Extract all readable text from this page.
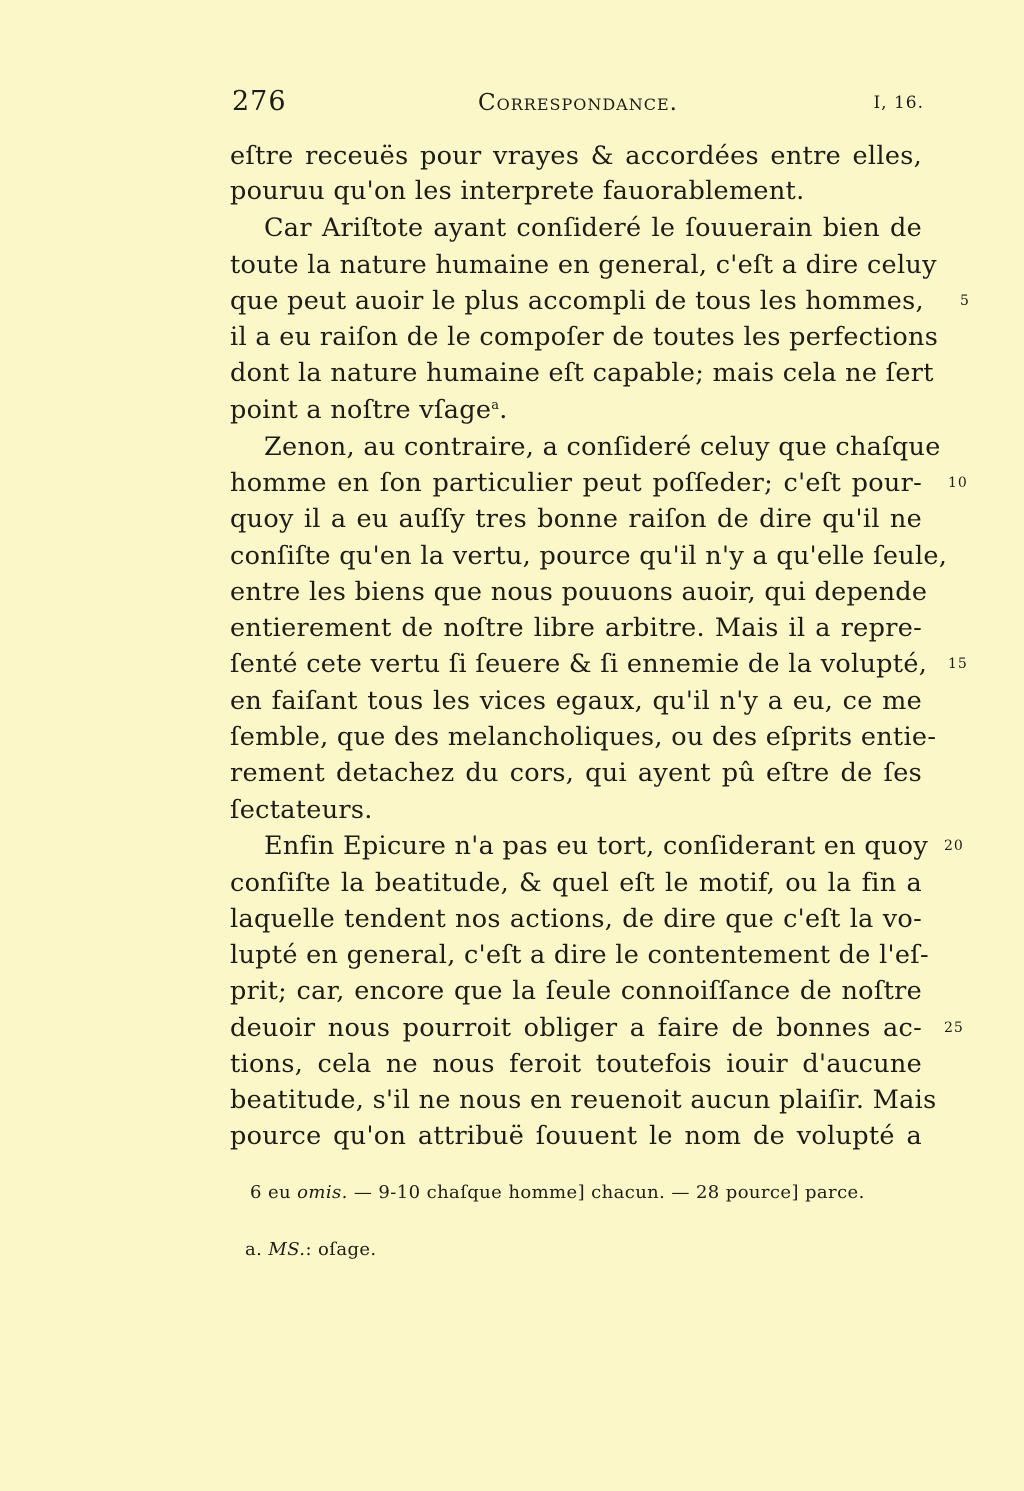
276	Correspondance.	I, 16.
eſtre receuës pour vrayes & accordées entre elles,
pouruu qu'on les interprete fauorablement.
Car Ariſtote ayant conſideré le ſouuerain bien de
toute la nature humaine en general, c'eſt a dire celuy
que peut auoir le plus accompli de tous les hommes,
il a eu raiſon de le compoſer de toutes les perfections
dont la nature humaine eſt capable; mais cela ne ſert
point a noſtre vſage$^a$.
Zenon, au contraire, a conſideré celuy que chaſque
homme en ſon particulier peut poſſeder; c'eſt pour-
quoy il a eu auſſy tres bonne raiſon de dire qu'il ne
conſiſte qu'en la vertu, pource qu'il n'y a qu'elle ſeule,
entre les biens que nous pouuons auoir, qui depende
entierement de noſtre libre arbitre. Mais il a repre-
ſenté cete vertu ſi ſeuere & ſi ennemie de la volupté,
en faiſant tous les vices egaux, qu'il n'y a eu, ce me
ſemble, que des melancholiques, ou des eſprits entie-
rement detachez du cors, qui ayent pû eſtre de ſes
ſectateurs.
Enfin Epicure n'a pas eu tort, conſiderant en quoy
conſiſte la beatitude, & quel eſt le motif, ou la fin a
laquelle tendent nos actions, de dire que c'eſt la vo-
lupté en general, c'eſt a dire le contentement de l'eſ-
prit; car, encore que la ſeule connoiſſance de noſtre
deuoir nous pourroit obliger a faire de bonnes ac-
tions, cela ne nous feroit toutefois iouir d'aucune
beatitude, s'il ne nous en reuenoit aucun plaiſir. Mais
pource qu'on attribuë ſouuent le nom de volupté a
5
10
15
20
25
6 eu omis. — 9-10 chaſque homme] chacun. — 28 pource] parce.
a. MS.: oſage.
